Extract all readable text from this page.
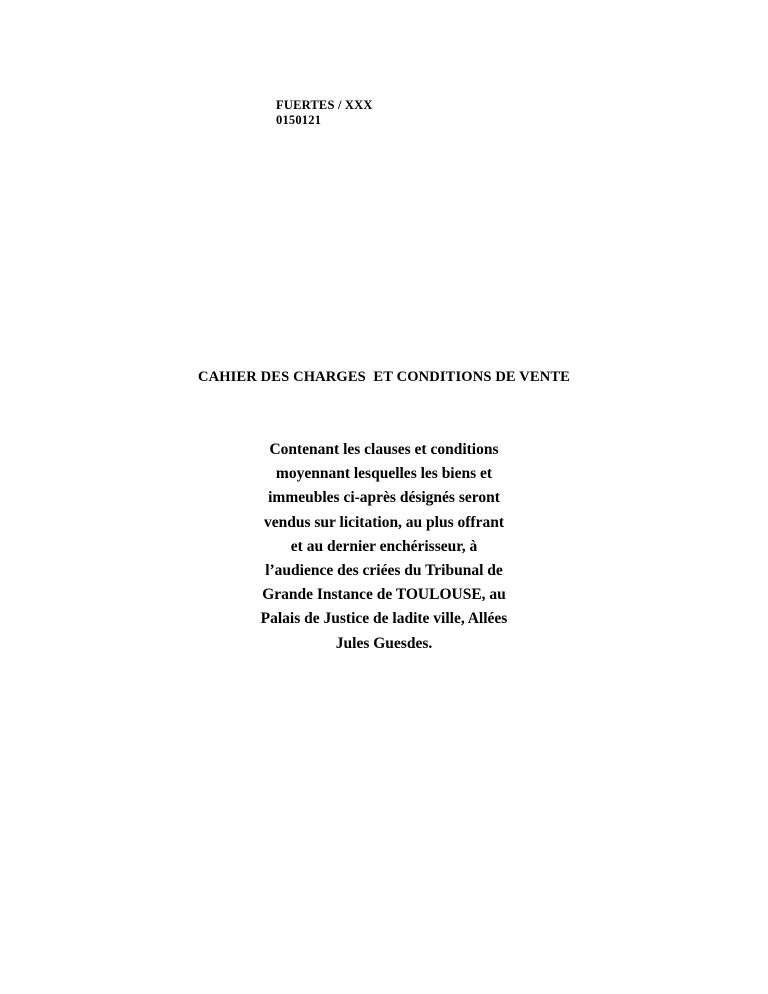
FUERTES / XXX
0150121
CAHIER DES CHARGES  ET CONDITIONS DE VENTE
Contenant les clauses et conditions moyennant lesquelles les biens et immeubles ci-après désignés seront vendus sur licitation, au plus offrant et au dernier enchérisseur, à l’audience des criées du Tribunal de Grande Instance de TOULOUSE, au Palais de Justice de ladite ville, Allées Jules Guesdes.
